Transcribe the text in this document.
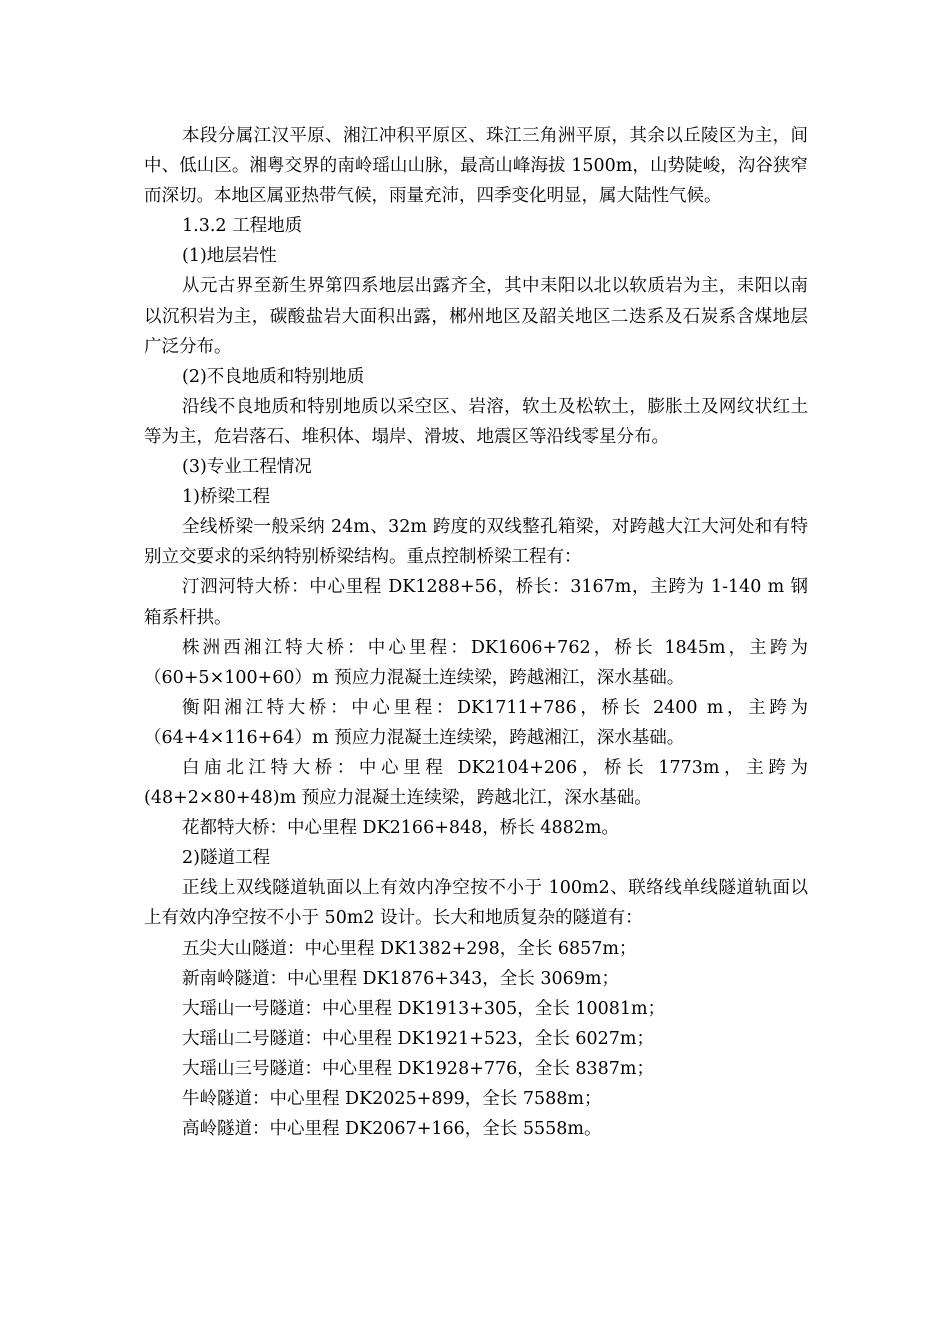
本段分属江汉平原、湘江冲积平原区、珠江三角洲平原，其余以丘陵区为主，间中、低山区。湘粤交界的南岭瑶山山脉，最高山峰海拔 1500m，山势陡峻，沟谷狭窄而深切。本地区属亚热带气候，雨量充沛，四季变化明显，属大陆性气候。

1.3.2 工程地质

(1)地层岩性

从元古界至新生界第四系地层出露齐全，其中耒阳以北以软质岩为主，耒阳以南以沉积岩为主，碳酸盐岩大面积出露，郴州地区及韶关地区二迭系及石炭系含煤地层广泛分布。

(2)不良地质和特别地质

沿线不良地质和特别地质以采空区、岩溶，软土及松软土，膨胀土及网纹状红土等为主，危岩落石、堆积体、塌岸、滑坡、地震区等沿线零星分布。

(3)专业工程情况

1)桥梁工程

全线桥梁一般采纳 24m、32m 跨度的双线整孔箱梁，对跨越大江大河处和有特别立交要求的采纳特别桥梁结构。重点控制桥梁工程有：

汀泗河特大桥：中心里程 DK1288+56，桥长：3167m，主跨为 1-140 m 钢箱系杆拱。

株洲西湘江特大桥：中心里程：DK1606+762，桥长 1845m，主跨为（60+5×100+60）m 预应力混凝土连续梁，跨越湘江，深水基础。

衡阳湘江特大桥：中心里程：DK1711+786，桥长 2400 m，主跨为（64+4×116+64）m 预应力混凝土连续梁，跨越湘江，深水基础。

白庙北江特大桥：中心里程 DK2104+206，桥长 1773m，主跨为(48+2×80+48)m 预应力混凝土连续梁，跨越北江，深水基础。

花都特大桥：中心里程 DK2166+848，桥长 4882m。

2)隧道工程

正线上双线隧道轨面以上有效内净空按不小于 100m2、联络线单线隧道轨面以上有效内净空按不小于 50m2 设计。长大和地质复杂的隧道有：

五尖大山隧道：中心里程 DK1382+298，全长 6857m；

新南岭隧道：中心里程 DK1876+343，全长 3069m；

大瑶山一号隧道：中心里程 DK1913+305，全长 10081m；

大瑶山二号隧道：中心里程 DK1921+523，全长 6027m；

大瑶山三号隧道：中心里程 DK1928+776，全长 8387m；

牛岭隧道：中心里程 DK2025+899，全长 7588m；

高岭隧道：中心里程 DK2067+166，全长 5558m。
